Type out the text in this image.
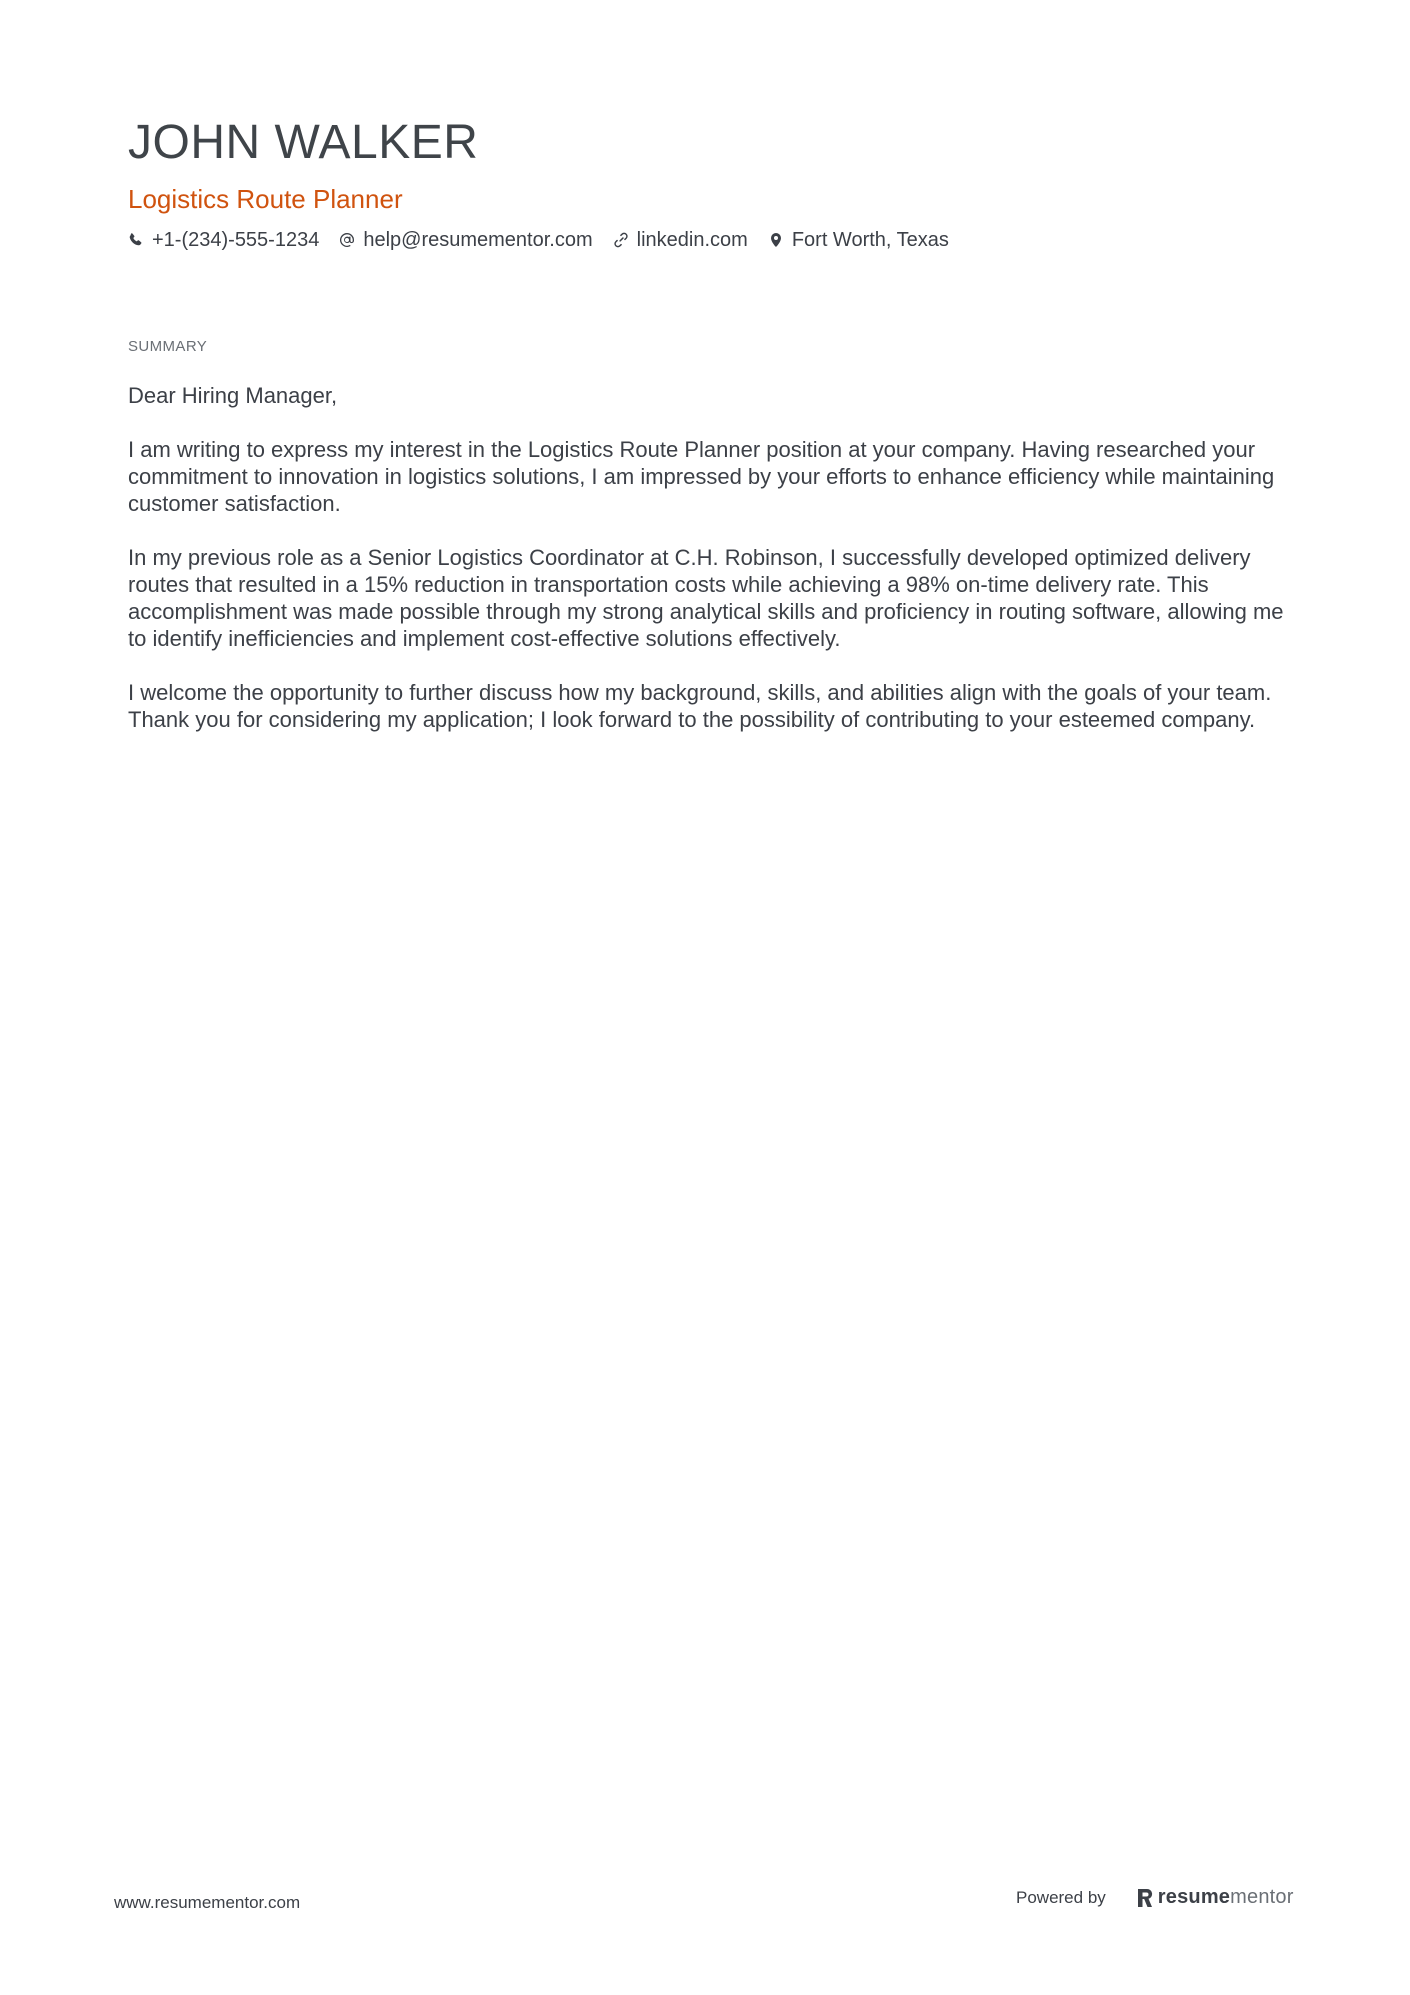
JOHN WALKER
Logistics Route Planner
+1-(234)-555-1234 help@resumementor.com linkedin.com Fort Worth, Texas
SUMMARY

Dear Hiring Manager,

I am writing to express my interest in the Logistics Route Planner position at your company. Having researched your commitment to innovation in logistics solutions, I am impressed by your efforts to enhance efficiency while maintaining customer satisfaction.

In my previous role as a Senior Logistics Coordinator at C.H. Robinson, I successfully developed optimized delivery routes that resulted in a 15% reduction in transportation costs while achieving a 98% on-time delivery rate. This accomplishment was made possible through my strong analytical skills and proficiency in routing software, allowing me to identify inefficiencies and implement cost-effective solutions effectively.

I welcome the opportunity to further discuss how my background, skills, and abilities align with the goals of your team. Thank you for considering my application; I look forward to the possibility of contributing to your esteemed company.

www.resumementor.com	Powered by	resume mentor
